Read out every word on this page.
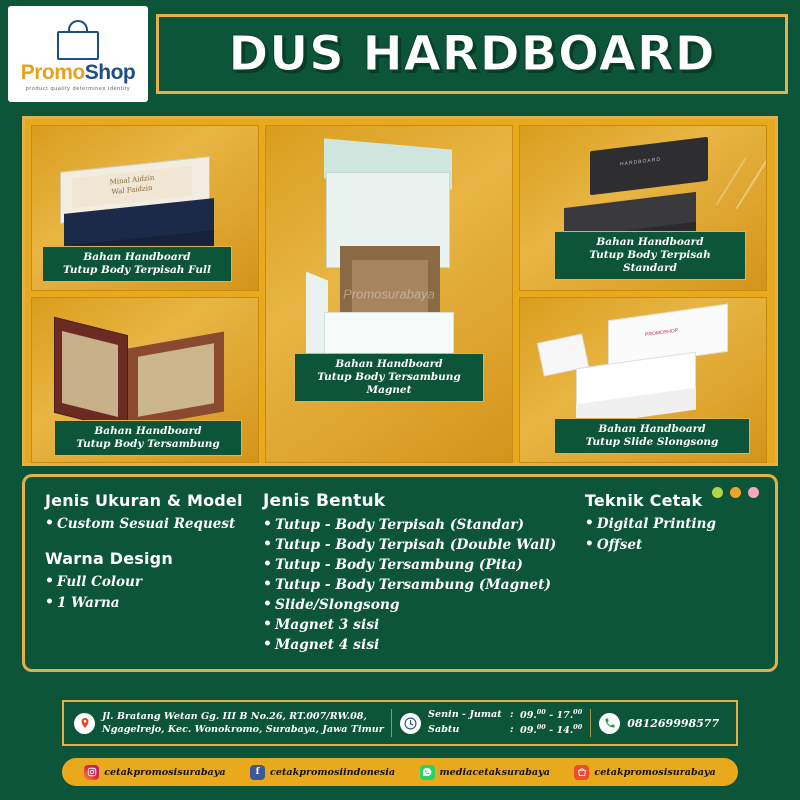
PromoShop
product quality determines identity
DUS HARDBOARD
Minal Aidzin
Wal Faidzin
Bahan Handboard
Tutup Body Terpisah Full
Promosurabaya
Bahan Handboard
Tutup Body Tersambung Magnet
HARDBOARD
Bahan Handboard
Tutup Body Terpisah Standard
Bahan Handboard
Tutup Body Tersambung
PROMOSHOP
Bahan Handboard
Tutup Slide Slongsong
Jenis Ukuran & Model
• Custom Sesuai Request
Warna Design
• Full Colour
• 1 Warna
Jenis Bentuk
• Tutup - Body Terpisah (Standar)
• Tutup - Body Terpisah (Double Wall)
• Tutup - Body Tersambung (Pita)
• Tutup - Body Tersambung (Magnet)
• Slide/Slongsong
• Magnet 3 sisi
• Magnet 4 sisi
Teknik Cetak
• Digital Printing
• Offset
Jl. Bratang Wetan Gg. III B No.26, RT.007/RW.08,
Ngagelrejo, Kec. Wonokromo, Surabaya, Jawa Timur
Senin - Jumat : 09.00 - 17.00
Sabtu	: 09.00 - 14.00	081269998577
cetakpromosisurabaya	f	cetakpromosiindonesia	mediacetaksurabaya	cetakpromosisurabaya
